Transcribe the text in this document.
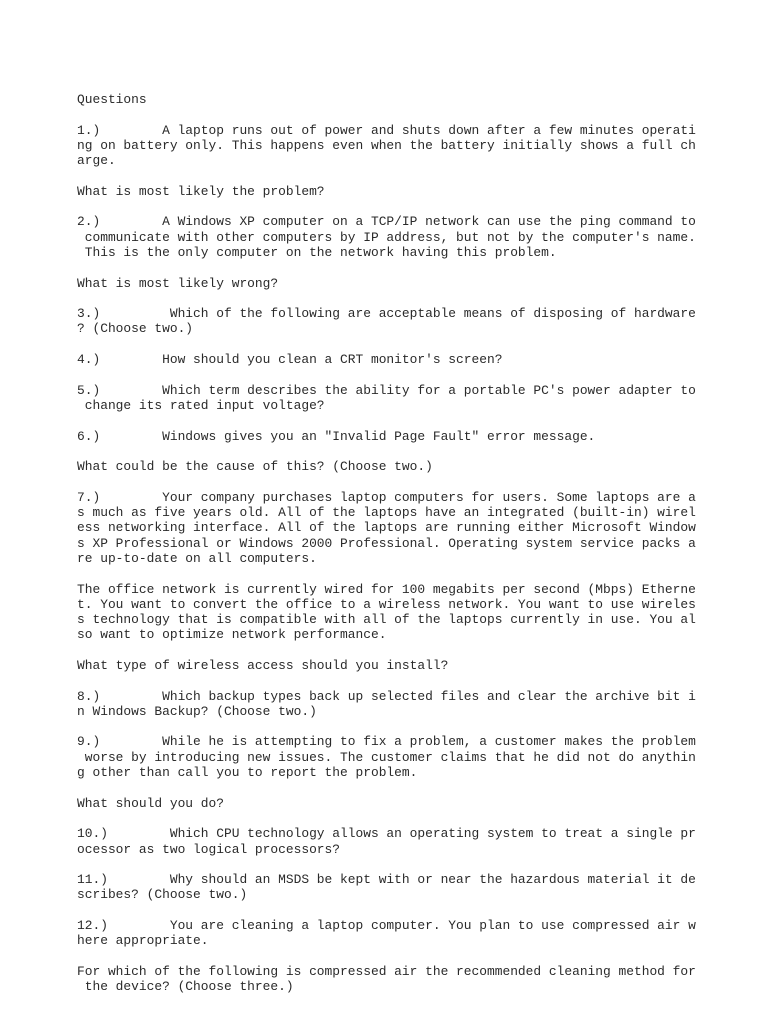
Questions
1.)        A laptop runs out of power and shuts down after a few minutes operati
ng on battery only. This happens even when the battery initially shows a full ch
arge.
What is most likely the problem?
2.)        A Windows XP computer on a TCP/IP network can use the ping command to
communicate with other computers by IP address, but not by the computer's name.
This is the only computer on the network having this problem.
What is most likely wrong?
3.)         Which of the following are acceptable means of disposing of hardware
? (Choose two.)
4.)        How should you clean a CRT monitor's screen?
5.)        Which term describes the ability for a portable PC's power adapter to
change its rated input voltage?
6.)        Windows gives you an "Invalid Page Fault" error message.
What could be the cause of this? (Choose two.)
7.)        Your company purchases laptop computers for users. Some laptops are a
s much as five years old. All of the laptops have an integrated (built-in) wirel
ess networking interface. All of the laptops are running either Microsoft Window
s XP Professional or Windows 2000 Professional. Operating system service packs a
re up-to-date on all computers.
The office network is currently wired for 100 megabits per second (Mbps) Etherne
t. You want to convert the office to a wireless network. You want to use wireles
s technology that is compatible with all of the laptops currently in use. You al
so want to optimize network performance.
What type of wireless access should you install?
8.)        Which backup types back up selected files and clear the archive bit i
n Windows Backup? (Choose two.)
9.)        While he is attempting to fix a problem, a customer makes the problem
worse by introducing new issues. The customer claims that he did not do anythin
g other than call you to report the problem.
What should you do?
10.)        Which CPU technology allows an operating system to treat a single pr
ocessor as two logical processors?
11.)        Why should an MSDS be kept with or near the hazardous material it de
scribes? (Choose two.)
12.)        You are cleaning a laptop computer. You plan to use compressed air w
here appropriate.
For which of the following is compressed air the recommended cleaning method for
the device? (Choose three.)
